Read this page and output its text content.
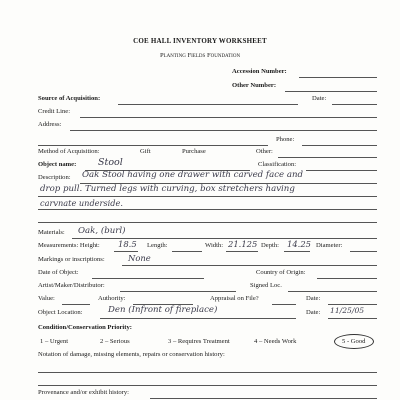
COE HALL INVENTORY WORKSHEET
Planting Fields Foundation
Accession Number:
Other Number:
Source of Acquisition:	Date:
Credit Line:
Address:
Phone:
Method of Acquisition:	Gift	Purchase	Other:
Object name: Stool	Classification:
Description: Oak Stool having one drawer with carved face and
drop pull. Turned legs with curving, box stretchers having
carvnate underside.
Materials: Oak, (burl)
Measurements: Height: 18.5 Length:	Width: 21.125 Depth: 14.25 Diameter:
Markings or inscriptions:	None
Date of Object:	Country of Origin:
Artist/Maker/Distributor:	Signed Loc.
Value:	Authority:	Appraisal on File?	Date:
Object Location:	Den (Infront of fireplace)	Date: 11/25/05
Condition/Conservation Priority:
1 – Urgent	2 – Serious	3 – Requires Treatment	4 – Needs Work	5 - Good
Notation of damage, missing elements, repairs or conservation history:
Provenance and/or exhibit history:
